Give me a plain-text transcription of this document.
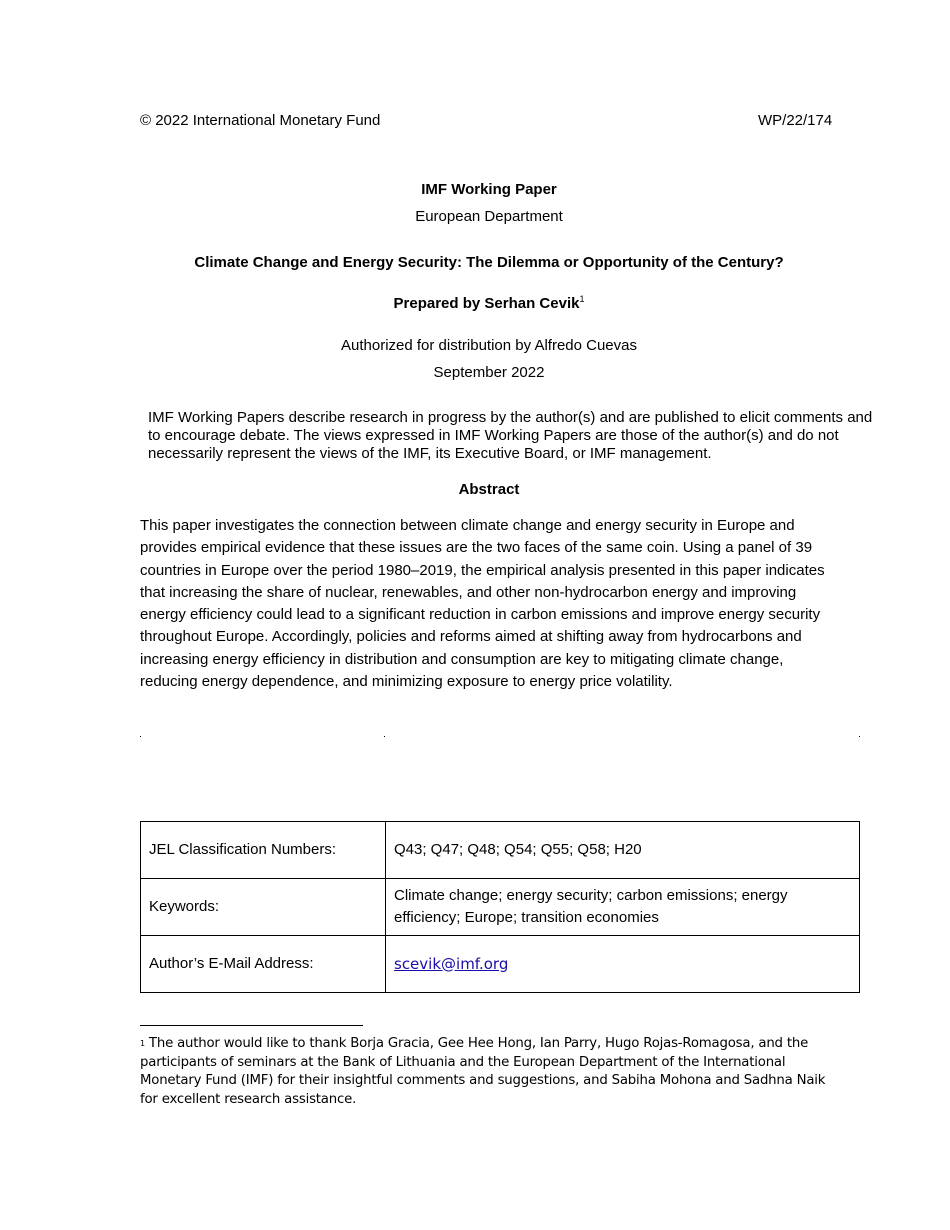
© 2022 International Monetary Fund	WP/22/174
IMF Working Paper
European Department
Climate Change and Energy Security: The Dilemma or Opportunity of the Century?
Prepared by Serhan Cevik$^1$
Authorized for distribution by Alfredo Cuevas
September 2022
IMF Working Papers describe research in progress by the author(s) and are published to elicit comments and to encourage debate. The views expressed in IMF Working Papers are those of the author(s) and do not necessarily represent the views of the IMF, its Executive Board, or IMF management.
Abstract
This paper investigates the connection between climate change and energy security in Europe and provides empirical evidence that these issues are the two faces of the same coin. Using a panel of 39 countries in Europe over the period 1980–2019, the empirical analysis presented in this paper indicates that increasing the share of nuclear, renewables, and other non-hydrocarbon energy and improving energy efficiency could lead to a significant reduction in carbon emissions and improve energy security throughout Europe. Accordingly, policies and reforms aimed at shifting away from hydrocarbons and increasing energy efficiency in distribution and consumption are key to mitigating climate change, reducing energy dependence, and minimizing exposure to energy price volatility.
JEL Classification Numbers:	Q43; Q47; Q48; Q54; Q55; Q58; H20
Keywords:	Climate change; energy security; carbon emissions; energy efficiency; Europe; transition economies
Author’s E-Mail Address:	scevik@imf.org
$^1$ The author would like to thank Borja Gracia, Gee Hee Hong, Ian Parry, Hugo Rojas-Romagosa, and the participants of seminars at the Bank of Lithuania and the European Department of the International Monetary Fund (IMF) for their insightful comments and suggestions, and Sabiha Mohona and Sadhna Naik for excellent research assistance.
